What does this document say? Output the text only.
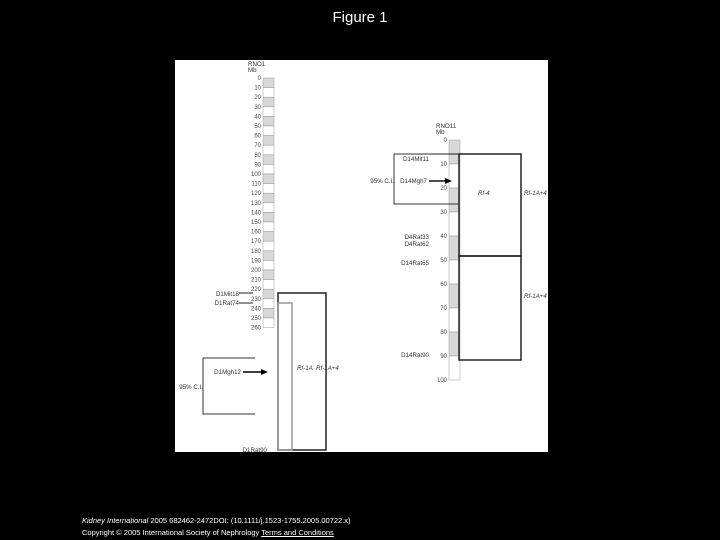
Figure 1
RNO1
Mb
0
10
20
30
40
50
60
70
80
90
100
110
120
130
140
150
160
170
180
190
200
210
220
230
240
250
260
Rf-1A Rf-1A+4
D1Mit18
D1Rat74
D1Mgh12
95% C.I.
D1Rat90
RNO11
Mb
0
10
20
30
40
50
60
70
80
90
100
Rf-4	Rf-1A+4
Rf-1A+4
D14Mit11
D14Mgh7
95% C.I.
D4Rat33
D4Rat62
D14Rat65
D14Rat90
Kidney International 2005 682462-2472DOI: (10.1111/j.1523-1755.2005.00722.x)
Copyright © 2005 International Society of Nephrology Terms and Conditions
